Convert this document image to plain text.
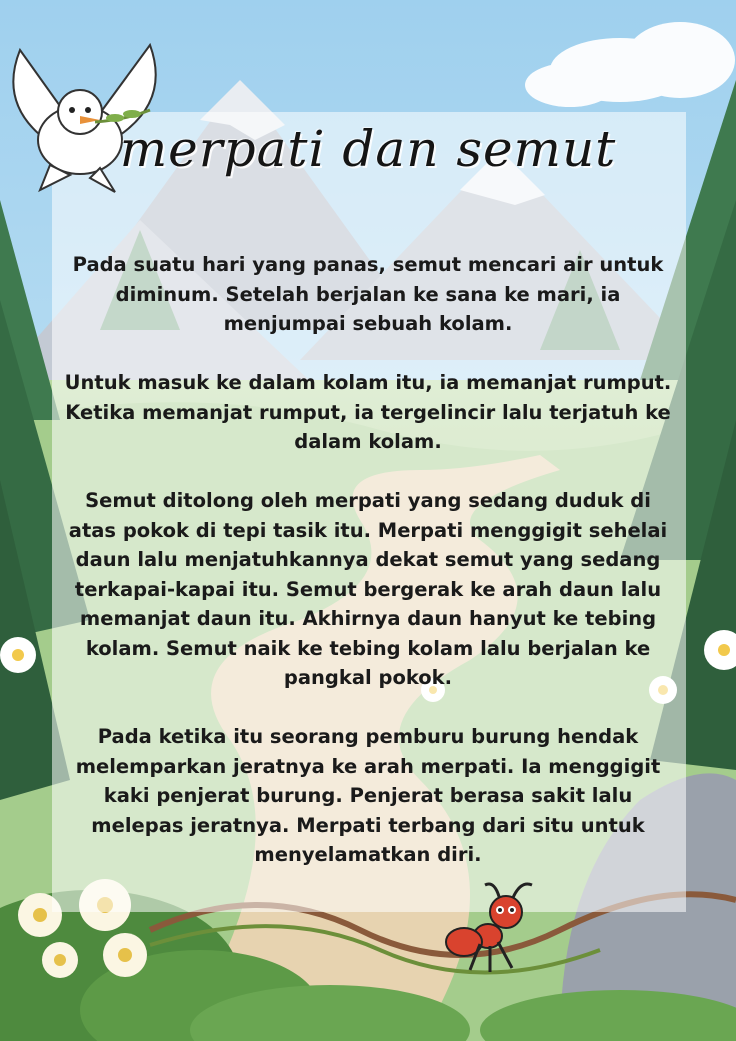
merpati dan semut

Pada suatu hari yang panas, semut mencari air untuk diminum. Setelah berjalan ke sana ke mari, ia menjumpai sebuah kolam.

Untuk masuk ke dalam kolam itu, ia memanjat rumput. Ketika memanjat rumput, ia tergelincir lalu terjatuh ke dalam kolam.

Semut ditolong oleh merpati yang sedang duduk di atas pokok di tepi tasik itu. Merpati menggigit sehelai daun lalu menjatuhkannya dekat semut yang sedang terkapai-kapai itu. Semut bergerak ke arah daun lalu memanjat daun itu. Akhirnya daun hanyut ke tebing kolam. Semut naik ke tebing kolam lalu berjalan ke pangkal pokok.

Pada ketika itu seorang pemburu burung hendak melemparkan jeratnya ke arah merpati. Ia menggigit kaki penjerat burung. Penjerat berasa sakit lalu melepas jeratnya. Merpati terbang dari situ untuk menyelamatkan diri.
